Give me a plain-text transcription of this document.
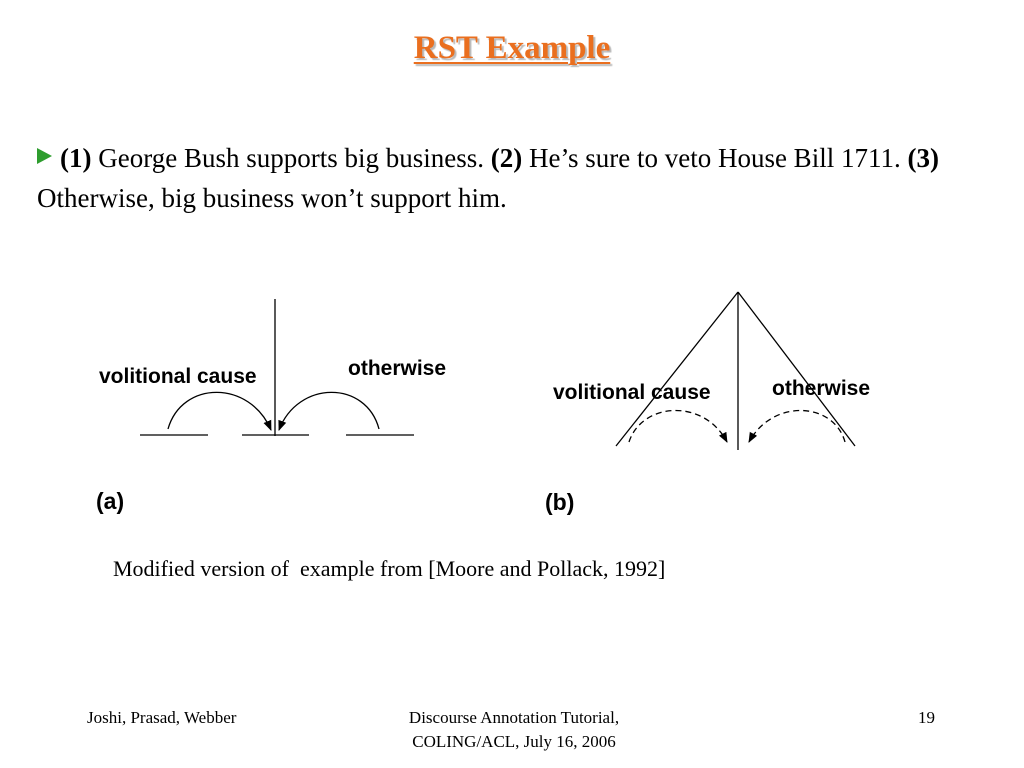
RST Example
(1) George Bush supports big business. (2) He’s sure to veto House Bill 1711. (3) Otherwise, big business won’t support him.
volitional cause	otherwise
(a)
volitional cause	otherwise
(b)
Modified version of  example from [Moore and Pollack, 1992]
Joshi, Prasad, Webber	Discourse Annotation Tutorial,
COLING/ACL, July 16, 2006
19
